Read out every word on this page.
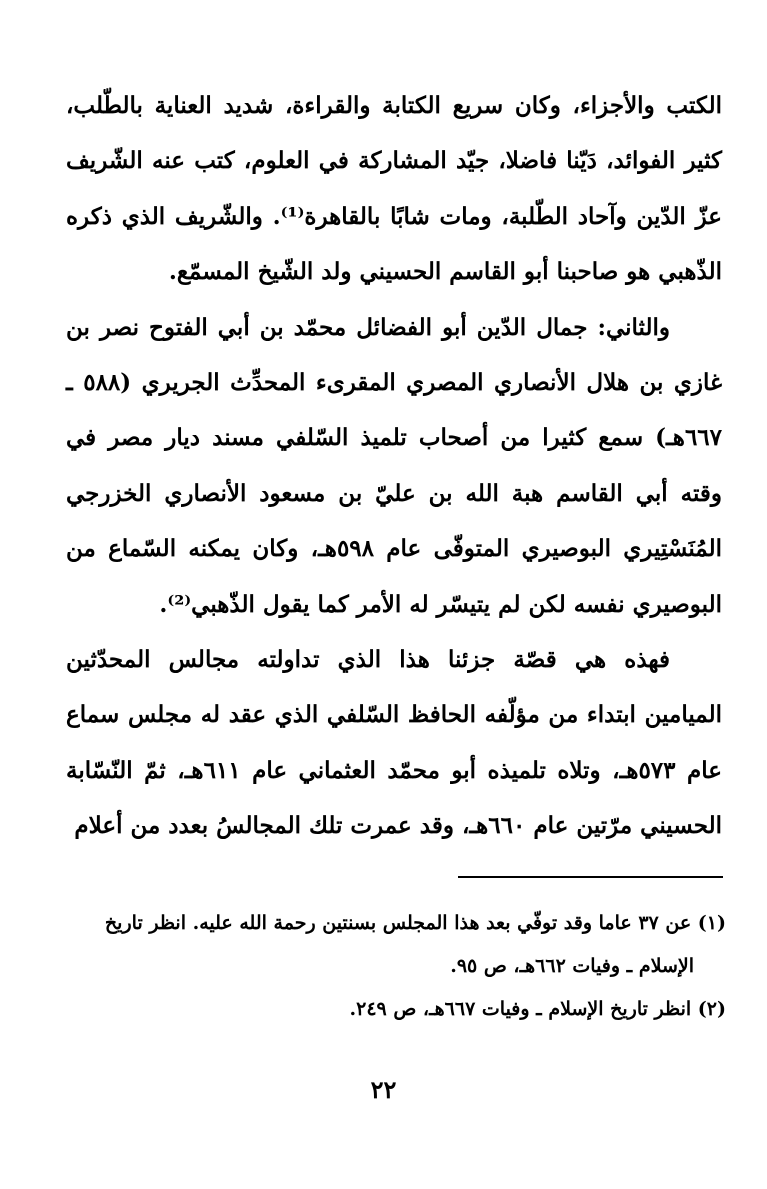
الكتب والأجزاء، وكان سريع الكتابة والقراءة، شديد العناية بالطّلب، كثير الفوائد، دَيّنا فاضلا، جيّد المشاركة في العلوم، كتب عنه الشّريف عزّ الدّين وآحاد الطّلبة، ومات شابًا بالقاهرة⁽¹⁾. والشّريف الذي ذكره الذّهبي هو صاحبنا أبو القاسم الحسيني ولد الشّيخ المسمّع.
والثاني: جمال الدّين أبو الفضائل محمّد بن أبي الفتوح نصر بن غازي بن هلال الأنصاري المصري المقرىء المحدِّث الجريري (٥٨٨ ـ ٦٦٧هـ) سمع كثيرا من أصحاب تلميذ السّلفي مسند ديار مصر في وقته أبي القاسم هبة الله بن عليّ بن مسعود الأنصاري الخزرجي المُنَسْتِيري البوصيري المتوفّى عام ٥٩٨هـ، وكان يمكنه السّماع من البوصيري نفسه لكن لم يتيسّر له الأمر كما يقول الذّهبي⁽²⁾.
فهذه هي قصّة جزئنا هذا الذي تداولته مجالس المحدّثين الميامين ابتداء من مؤلّفه الحافظ السّلفي الذي عقد له مجلس سماع عام ٥٧٣هـ، وتلاه تلميذه أبو محمّد العثماني عام ٦١١هـ، ثمّ النّسّابة الحسيني مرّتين عام ٦٦٠هـ، وقد عمرت تلك المجالسُ بعدد من أعلام
(١) عن ٣٧ عاما وقد توفّي بعد هذا المجلس بسنتين رحمة الله عليه. انظر تاريخ
الإسلام ـ وفيات ٦٦٢هـ، ص ٩٥.
(٢) انظر تاريخ الإسلام ـ وفيات ٦٦٧هـ، ص ٢٤٩.
٢٢
